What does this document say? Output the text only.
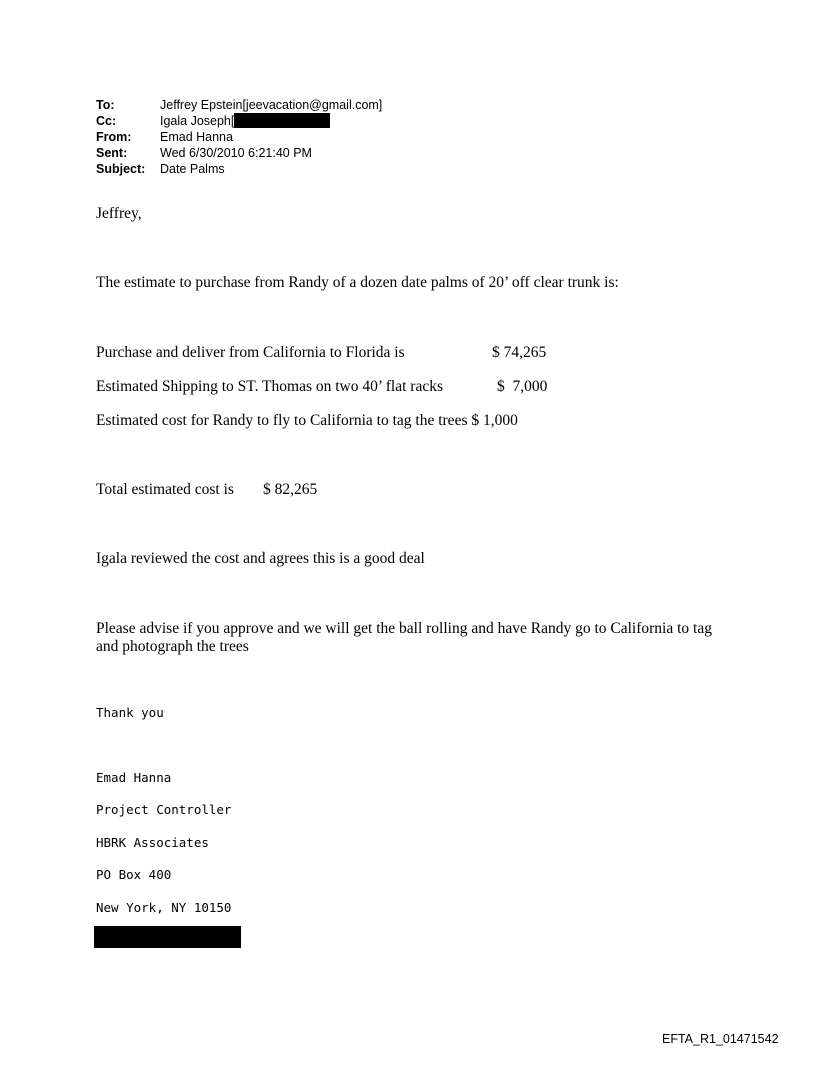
To:	Jeffrey Epstein[jeevacation@gmail.com]
Cc:	Igala Joseph[
From:	Emad Hanna
Sent:	Wed 6/30/2010 6:21:40 PM
Subject:	Date Palms
Jeffrey,
The estimate to purchase from Randy of a dozen date palms of 20’ off clear trunk is:
Purchase and deliver from California to Florida is	$ 74,265
Estimated Shipping to ST. Thomas on two 40’ flat racks	$  7,000
Estimated cost for Randy to fly to California to tag the trees $ 1,000
Total estimated cost is $ 82,265
Igala reviewed the cost and agrees this is a good deal
Please advise if you approve and we will get the ball rolling and have Randy go to California to tag and photograph the trees
Thank you
Emad Hanna
Project Controller
HBRK Associates
PO Box 400
New York, NY 10150
EFTA_R1_01471542
